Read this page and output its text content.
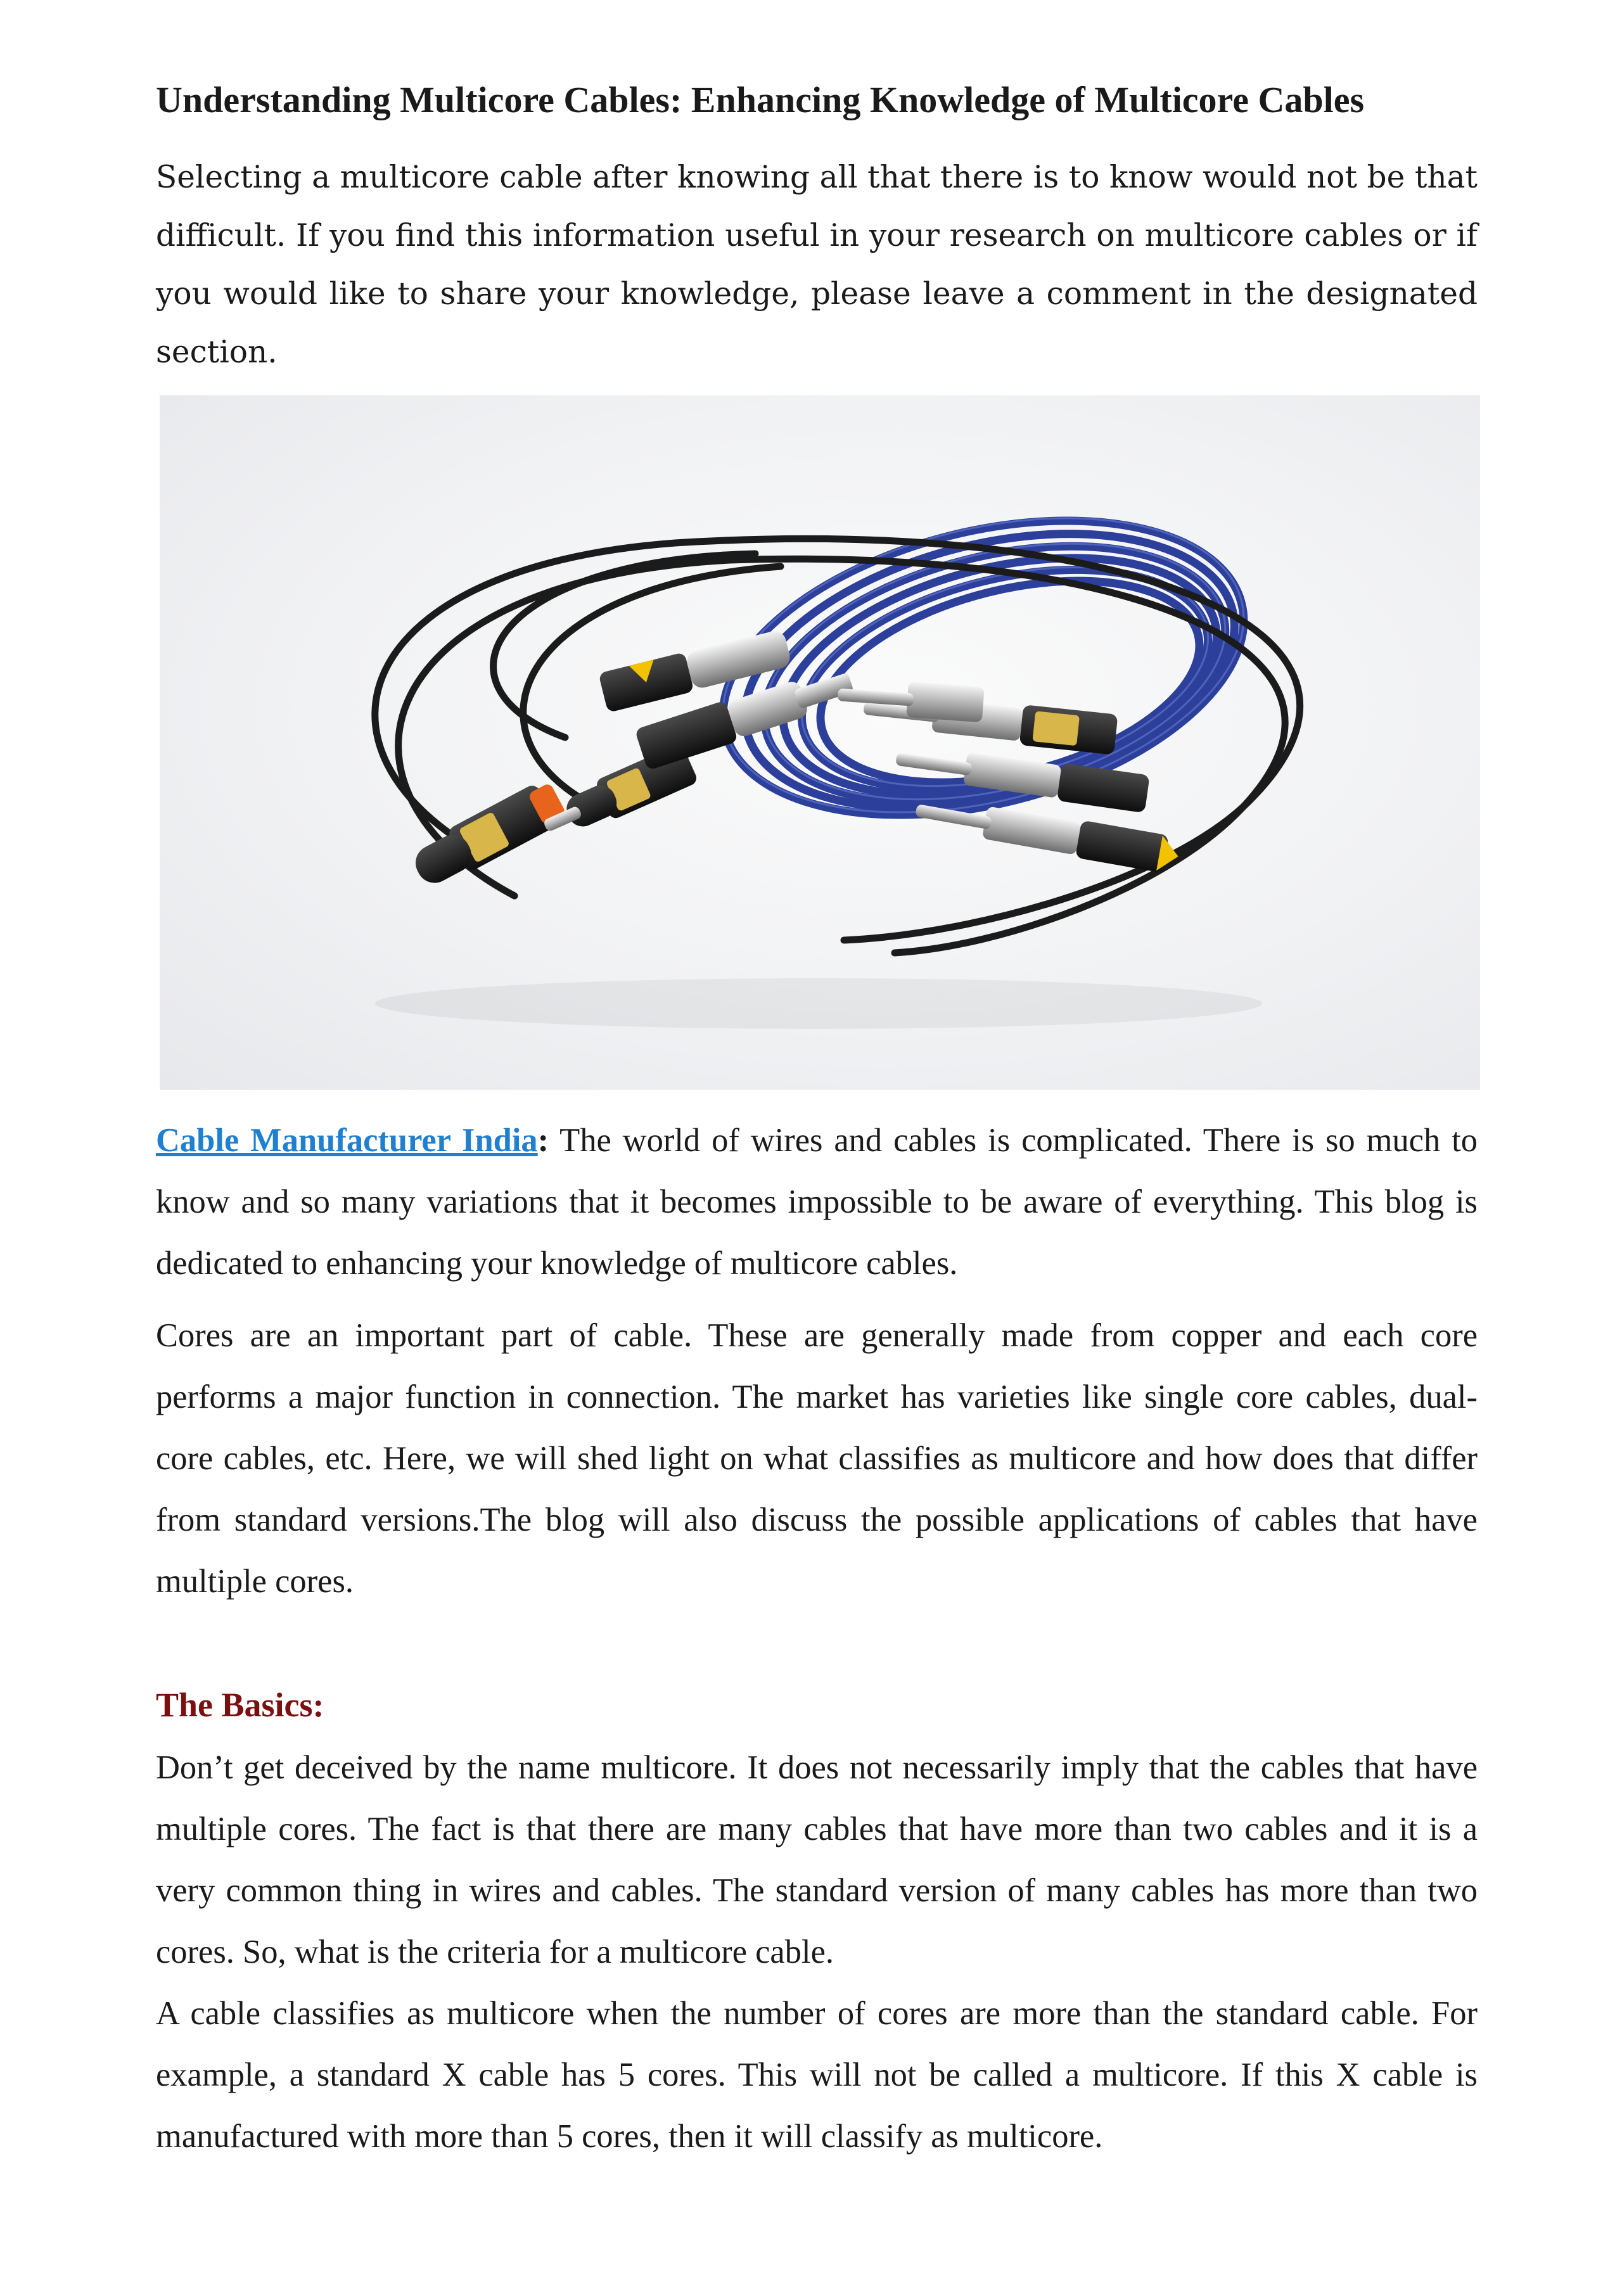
Understanding Multicore Cables: Enhancing Knowledge of Multicore Cables

Selecting a multicore cable after knowing all that there is to know would not be that difficult. If you find this information useful in your research on multicore cables or if you would like to share your knowledge, please leave a comment in the designated section.

Cable Manufacturer India: The world of wires and cables is complicated. There is so much to know and so many variations that it becomes impossible to be aware of everything. This blog is dedicated to enhancing your knowledge of multicore cables.

Cores are an important part of cable. These are generally made from copper and each core performs a major function in connection. The market has varieties like single core cables, dual-core cables, etc. Here, we will shed light on what classifies as multicore and how does that differ from standard versions.The blog will also discuss the possible applications of cables that have multiple cores.

The Basics:

Don’t get deceived by the name multicore. It does not necessarily imply that the cables that have multiple cores. The fact is that there are many cables that have more than two cables and it is a very common thing in wires and cables. The standard version of many cables has more than two cores. So, what is the criteria for a multicore cable.

A cable classifies as multicore when the number of cores are more than the standard cable. For example, a standard X cable has 5 cores. This will not be called a multicore. If this X cable is manufactured with more than 5 cores, then it will classify as multicore.
